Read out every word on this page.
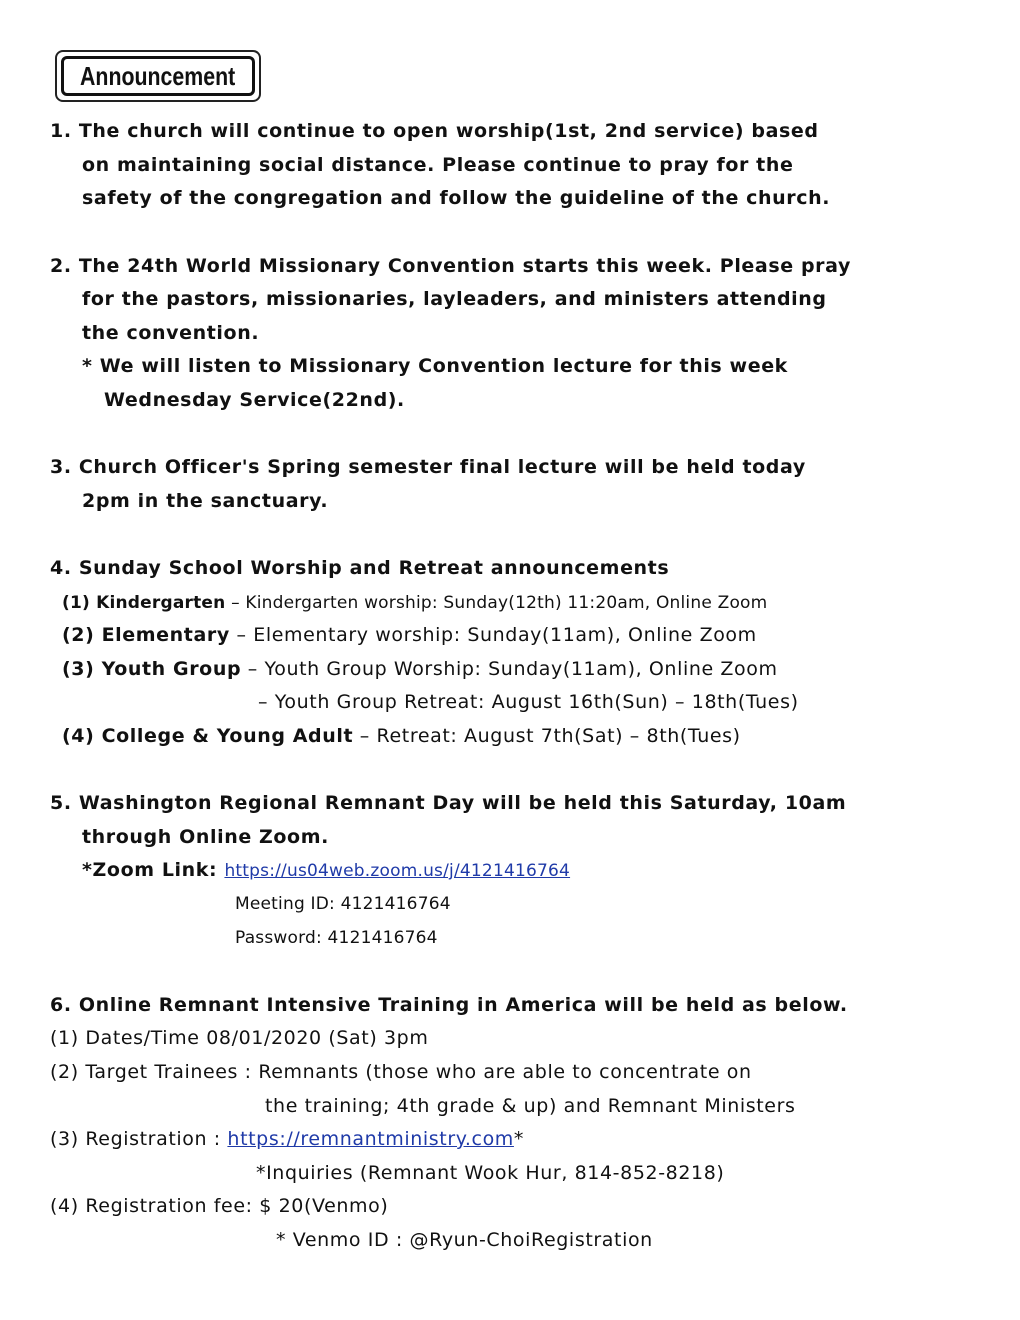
Announcement
1. The church will continue to open worship(1st, 2nd service) based
on maintaining social distance. Please continue to pray for the
safety of the congregation and follow the guideline of the church.
2. The 24th World Missionary Convention starts this week. Please pray
for the pastors, missionaries, layleaders, and ministers attending
the convention.
* We will listen to Missionary Convention lecture for this week
Wednesday Service(22nd).
3. Church Officer's Spring semester final lecture will be held today
2pm in the sanctuary.
4. Sunday School Worship and Retreat announcements
(1) Kindergarten – Kindergarten worship: Sunday(12th) 11:20am, Online Zoom
(2) Elementary – Elementary worship: Sunday(11am), Online Zoom
(3) Youth Group – Youth Group Worship: Sunday(11am), Online Zoom
– Youth Group Retreat: August 16th(Sun) – 18th(Tues)
(4) College & Young Adult – Retreat: August 7th(Sat) – 8th(Tues)
5. Washington Regional Remnant Day will be held this Saturday, 10am
through Online Zoom.
*Zoom Link: https://us04web.zoom.us/j/4121416764
Meeting ID: 4121416764
Password: 4121416764
6. Online Remnant Intensive Training in America will be held as below.
(1) Dates/Time 08/01/2020 (Sat) 3pm
(2) Target Trainees : Remnants (those who are able to concentrate on
the training; 4th grade & up) and Remnant Ministers
(3) Registration : https://remnantministry.com*
*Inquiries (Remnant Wook Hur, 814-852-8218)
(4) Registration fee: $ 20(Venmo)
* Venmo ID : @Ryun-ChoiRegistration
